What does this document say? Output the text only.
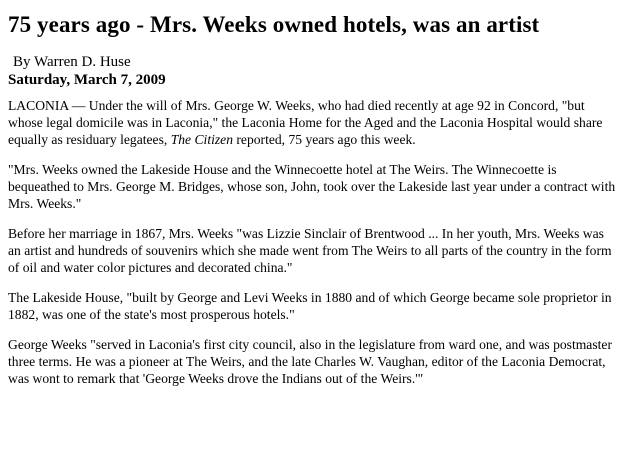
75 years ago - Mrs. Weeks owned hotels, was an artist
By Warren D. Huse
Saturday, March 7, 2009

LACONIA — Under the will of Mrs. George W. Weeks, who had died recently at age 92 in Concord, "but whose legal domicile was in Laconia," the Laconia Home for the Aged and the Laconia Hospital would share equally as residuary legatees, The Citizen reported, 75 years ago this week.

"Mrs. Weeks owned the Lakeside House and the Winnecoette hotel at The Weirs. The Winnecoette is bequeathed to Mrs. George M. Bridges, whose son, John, took over the Lakeside last year under a contract with Mrs. Weeks."

Before her marriage in 1867, Mrs. Weeks "was Lizzie Sinclair of Brentwood ... In her youth, Mrs. Weeks was an artist and hundreds of souvenirs which she made went from The Weirs to all parts of the country in the form of oil and water color pictures and decorated china."

The Lakeside House, "built by George and Levi Weeks in 1880 and of which George became sole proprietor in 1882, was one of the state's most prosperous hotels."

George Weeks "served in Laconia's first city council, also in the legislature from ward one, and was postmaster three terms. He was a pioneer at The Weirs, and the late Charles W. Vaughan, editor of the Laconia Democrat, was wont to remark that 'George Weeks drove the Indians out of the Weirs.'"
